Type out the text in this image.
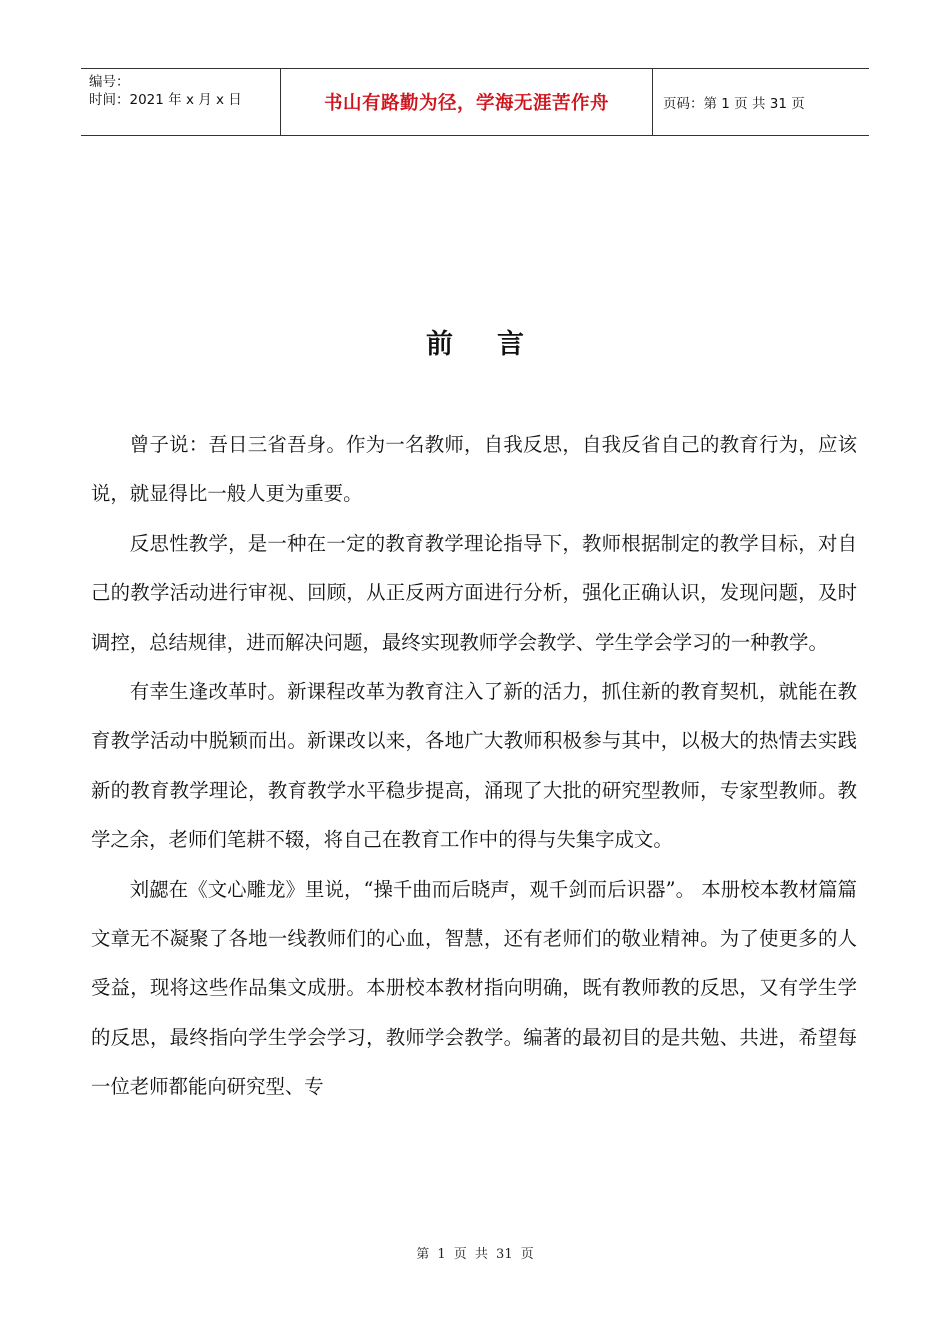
编号：
时间：2021 年 x 月 x 日	书山有路勤为径，学海无涯苦作舟	页码：第 1 页 共 31 页
前言

曾子说：吾日三省吾身。作为一名教师，自我反思，自我反省自己的教育行为，应该说，就显得比一般人更为重要。

反思性教学，是一种在一定的教育教学理论指导下，教师根据制定的教学目标，对自己的教学活动进行审视、回顾，从正反两方面进行分析，强化正确认识，发现问题，及时调控，总结规律，进而解决问题，最终实现教师学会教学、学生学会学习的一种教学。

有幸生逢改革时。新课程改革为教育注入了新的活力，抓住新的教育契机，就能在教育教学活动中脱颖而出。新课改以来，各地广大教师积极参与其中，以极大的热情去实践新的教育教学理论，教育教学水平稳步提高，涌现了大批的研究型教师，专家型教师。教学之余，老师们笔耕不辍，将自己在教育工作中的得与失集字成文。

刘勰在《文心雕龙》里说，“操千曲而后晓声，观千剑而后识器”。 本册校本教材篇篇文章无不凝聚了各地一线教师们的心血，智慧，还有老师们的敬业精神。为了使更多的人受益，现将这些作品集文成册。本册校本教材指向明确，既有教师教的反思，又有学生学的反思，最终指向学生学会学习，教师学会教学。编著的最初目的是共勉、共进，希望每一位老师都能向研究型、专

第 1 页 共 31 页
